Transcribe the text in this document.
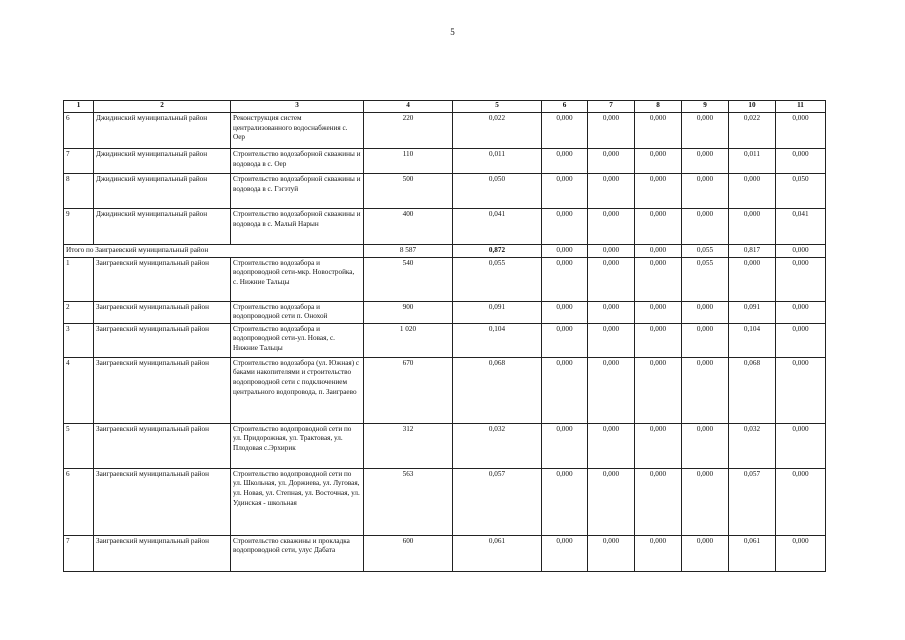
5
1	2	3	4	5	6	7	8	9	10	11
6	Джидинский муниципальный район	Реконструкция систем централизованного водоснабжения с. Оер	220	0,022	0,000	0,000	0,000	0,000	0,022	0,000
7	Джидинский муниципальный район	Строительство водозаборной скважины и водовода в с. Оер	110	0,011	0,000	0,000	0,000	0,000	0,011	0,000
8	Джидинский муниципальный район	Строительство водозаборной скважины и водовода в с. Гэгэтуй	500	0,050	0,000	0,000	0,000	0,000	0,000	0,050
9	Джидинский муниципальный район	Строительство водозаборной скважины и водовода в с. Малый Нарын	400	0,041	0,000	0,000	0,000	0,000	0,000	0,041
Итого по Заиграевский муниципальный район			8 587	0,872	0,000	0,000	0,000	0,055	0,817	0,000
1	Заиграевский муниципальный район	Строительство водозабора и водопроводной сети-мкр. Новостройка, с. Нижние Тальцы	540	0,055	0,000	0,000	0,000	0,055	0,000	0,000
2	Заиграевский муниципальный район	Строительство водозабора и водопроводной сети п. Онохой	900	0,091	0,000	0,000	0,000	0,000	0,091	0,000
3	Заиграевский муниципальный район	Строительство водозабора и водопроводной сети-ул. Новая, с. Нижние Тальцы	1 020	0,104	0,000	0,000	0,000	0,000	0,104	0,000
4	Заиграевский муниципальный район	Строительство водозабора (ул. Южная) с баками накопителями и строительство водопроводной сети с подключением центрального водопровода, п. Заиграево	670	0,068	0,000	0,000	0,000	0,000	0,068	0,000
5	Заиграевский муниципальный район	Строительство водопроводной сети по ул. Придорожная, ул. Трактовая, ул. Плодовая с.Эрхирик	312	0,032	0,000	0,000	0,000	0,000	0,032	0,000
6	Заиграевский муниципальный район	Строительство водопроводной сети по ул. Школьная, ул. Доржиева, ул. Луговая, ул. Новая, ул. Степная, ул. Восточная, ул. Удинская - школьная	563	0,057	0,000	0,000	0,000	0,000	0,057	0,000
7	Заиграевский муниципальный район	Строительство скважины и прокладка водопроводной сети, улус Дабата	600	0,061	0,000	0,000	0,000	0,000	0,061	0,000
